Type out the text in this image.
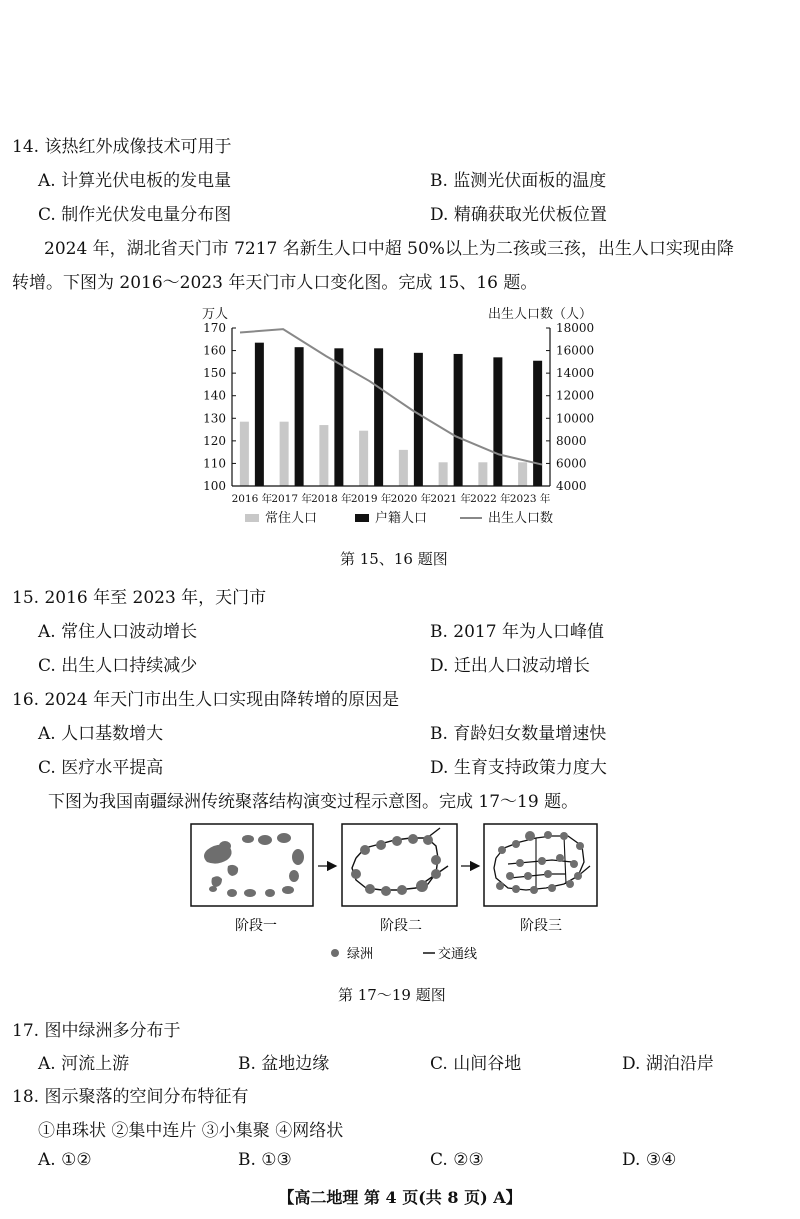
14. 该热红外成像技术可用于
A. 计算光伏电板的发电量	B. 监测光伏面板的温度
C. 制作光伏发电量分布图	D. 精确获取光伏板位置
2024 年，湖北省天门市 7217 名新生人口中超 50%以上为二孩或三孩，出生人口实现由降
转增。下图为 2016～2023 年天门市人口变化图。完成 15、16 题。
100
110
120
130
140
150
160
170
4000
6000
8000
10000
12000
14000
16000
18000
万人	出生人口数（人）
2016 年 2017 年 2018 年 2019 年 2020 年 2021 年 2022 年 2023 年
常住人口	户籍人口	出生人口数
第 15、16 题图
15. 2016 年至 2023 年，天门市
A. 常住人口波动增长	B. 2017 年为人口峰值
C. 出生人口持续减少	D. 迁出人口波动增长
16. 2024 年天门市出生人口实现由降转增的原因是
A. 人口基数增大	B. 育龄妇女数量增速快
C. 医疗水平提高	D. 生育支持政策力度大
下图为我国南疆绿洲传统聚落结构演变过程示意图。完成 17～19 题。
阶段一	阶段二	阶段三
绿洲	交通线
第 17～19 题图
17. 图中绿洲多分布于
A. 河流上游	B. 盆地边缘	C. 山间谷地	D. 湖泊沿岸
18. 图示聚落的空间分布特征有
①串珠状 ②集中连片 ③小集聚 ④网络状
A. ①②	B. ①③	C. ②③	D. ③④
【高二地理 第 4 页(共 8 页) A】
